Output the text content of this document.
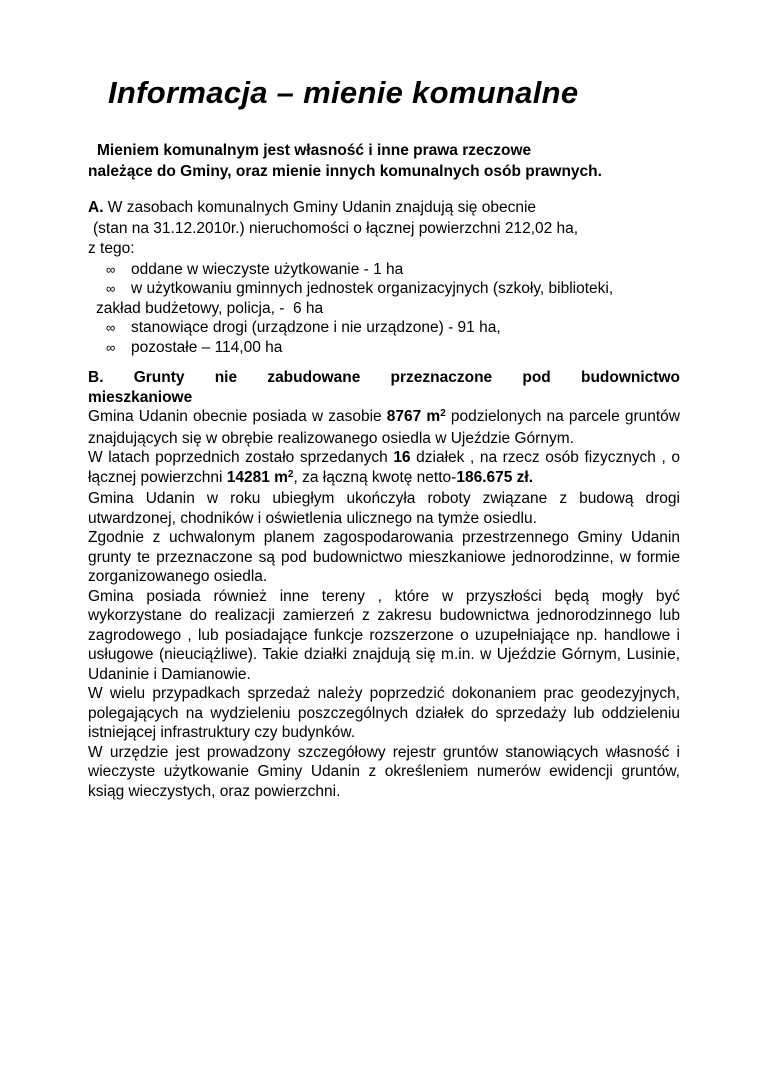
Informacja – mienie komunalne
Mieniem komunalnym jest własność i inne prawa rzeczowe
należące do Gminy, oraz mienie innych komunalnych osób prawnych.
A. W zasobach komunalnych Gminy Udanin znajdują się obecnie
(stan na 31.12.2010r.) nieruchomości o łącznej powierzchni 212,02 ha,
z tego:
∞	oddane w wieczyste użytkowanie - 1 ha
∞	w użytkowaniu gminnych jednostek organizacyjnych (szkoły, biblioteki,
zakład budżetowy, policja, -  6 ha
∞	stanowiące drogi (urządzone i nie urządzone) - 91 ha,
∞	pozostałe – 114,00 ha
B. Grunty nie zabudowane przeznaczone pod budownictwo
mieszkaniowe

Gmina Udanin obecnie posiada w zasobie 8767 $m^2$ podzielonych na parcele gruntów znajdujących się w obrębie realizowanego osiedla w Ujeździe Górnym.

W latach poprzednich zostało sprzedanych 16 działek , na rzecz osób fizycznych , o łącznej powierzchni 14281 $m^2$, za łączną kwotę netto-186.675 zł.

Gmina Udanin w roku ubiegłym ukończyła roboty związane z budową drogi utwardzonej, chodników i oświetlenia ulicznego na tymże osiedlu.

Zgodnie z uchwalonym planem zagospodarowania przestrzennego Gminy Udanin grunty te przeznaczone są pod budownictwo mieszkaniowe jednorodzinne, w formie zorganizowanego osiedla.

Gmina posiada również inne tereny , które w przyszłości będą mogły być wykorzystane do realizacji zamierzeń z zakresu budownictwa jednorodzinnego lub zagrodowego , lub posiadające funkcje rozszerzone o uzupełniające np. handlowe i usługowe (nieuciążliwe). Takie działki znajdują się m.in. w Ujeździe Górnym, Lusinie, Udaninie i Damianowie.

W wielu przypadkach sprzedaż należy poprzedzić dokonaniem prac geodezyjnych, polegających na wydzieleniu poszczególnych działek do sprzedaży lub oddzieleniu istniejącej infrastruktury czy budynków.

W urzędzie jest prowadzony szczegółowy rejestr gruntów stanowiących własność i wieczyste użytkowanie Gminy Udanin z określeniem numerów ewidencji gruntów, ksiąg wieczystych, oraz powierzchni.
